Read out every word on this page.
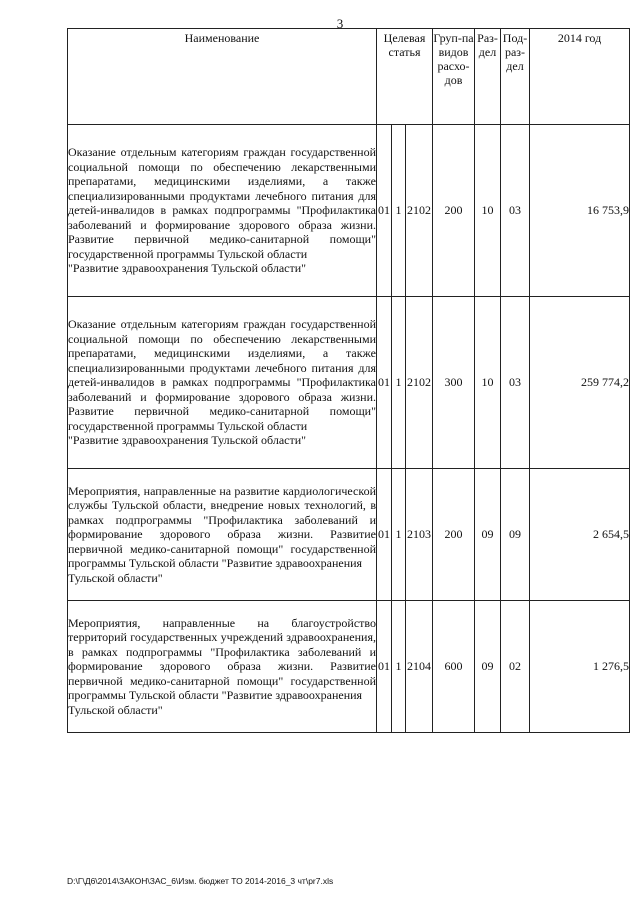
3
Наименование	Целевая статья			Груп-па видов расхо-дов	Раз-дел	Под-раз-дел	2014 год
Оказание отдельным категориям граждан государственной социальной помощи по обеспечению лекарственными препаратами, медицинскими изделиями, а также специализированными продуктами лечебного питания для детей-инвалидов в рамках подпрограммы "Профилактика заболеваний и формирование здорового образа жизни. Развитие первичной медико-санитарной помощи" государственной программы Тульской области
"Развитие здравоохранения Тульской области"	01	1	2102	200	10	03	16 753,9
Оказание отдельным категориям граждан государственной социальной помощи по обеспечению лекарственными препаратами, медицинскими изделиями, а также специализированными продуктами лечебного питания для детей-инвалидов в рамках подпрограммы "Профилактика заболеваний и формирование здорового образа жизни. Развитие первичной медико-санитарной помощи" государственной программы Тульской области
"Развитие здравоохранения Тульской области"	01	1	2102	300	10	03	259 774,2
Мероприятия, направленные на развитие кардиологической службы Тульской области, внедрение новых технологий, в рамках подпрограммы "Профилактика заболеваний и формирование здорового образа жизни. Развитие первичной медико-санитарной помощи" государственной программы Тульской области "Развитие здравоохранения
Тульской области"	01	1	2103	200	09	09	2 654,5
Мероприятия, направленные на благоустройство территорий государственных учреждений здравоохранения, в рамках подпрограммы "Профилактика заболеваний и формирование здорового образа жизни. Развитие первичной медико-санитарной помощи" государственной программы Тульской области "Развитие здравоохранения
Тульской области"	01	1	2104	600	09	02	1 276,5
D:\Г\Д6\2014\ЗАКОН\ЗАС_6\Изм. бюджет ТО 2014-2016_3 чт\pr7.xls
